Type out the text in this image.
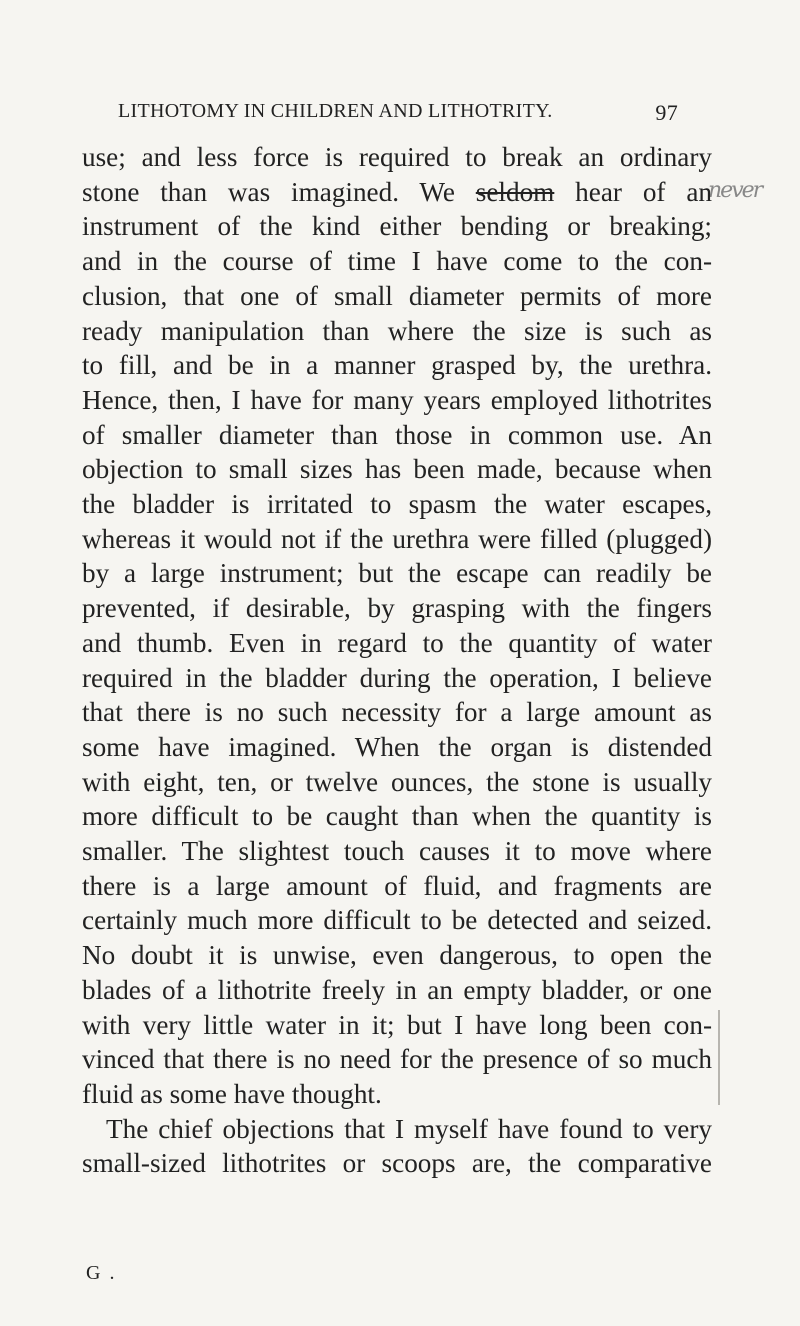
LITHOTOMY IN CHILDREN AND LITHOTRITY.	97
never
use; and less force is required to break an ordinary
stone than was imagined. We seldom hear of an
instrument of the kind either bending or breaking;
and in the course of time I have come to the con-
clusion, that one of small diameter permits of more
ready manipulation than where the size is such as
to fill, and be in a manner grasped by, the urethra.
Hence, then, I have for many years employed lithotrites
of smaller diameter than those in common use. An
objection to small sizes has been made, because when
the bladder is irritated to spasm the water escapes,
whereas it would not if the urethra were filled (plugged)
by a large instrument; but the escape can readily be
prevented, if desirable, by grasping with the fingers
and thumb. Even in regard to the quantity of water
required in the bladder during the operation, I believe
that there is no such necessity for a large amount as
some have imagined. When the organ is distended
with eight, ten, or twelve ounces, the stone is usually
more difficult to be caught than when the quantity is
smaller. The slightest touch causes it to move where
there is a large amount of fluid, and fragments are
certainly much more difficult to be detected and seized.
No doubt it is unwise, even dangerous, to open the
blades of a lithotrite freely in an empty bladder, or one
with very little water in it; but I have long been con-
vinced that there is no need for the presence of so much
fluid as some have thought.
The chief objections that I myself have found to very
small-sized lithotrites or scoops are, the comparative
G .
